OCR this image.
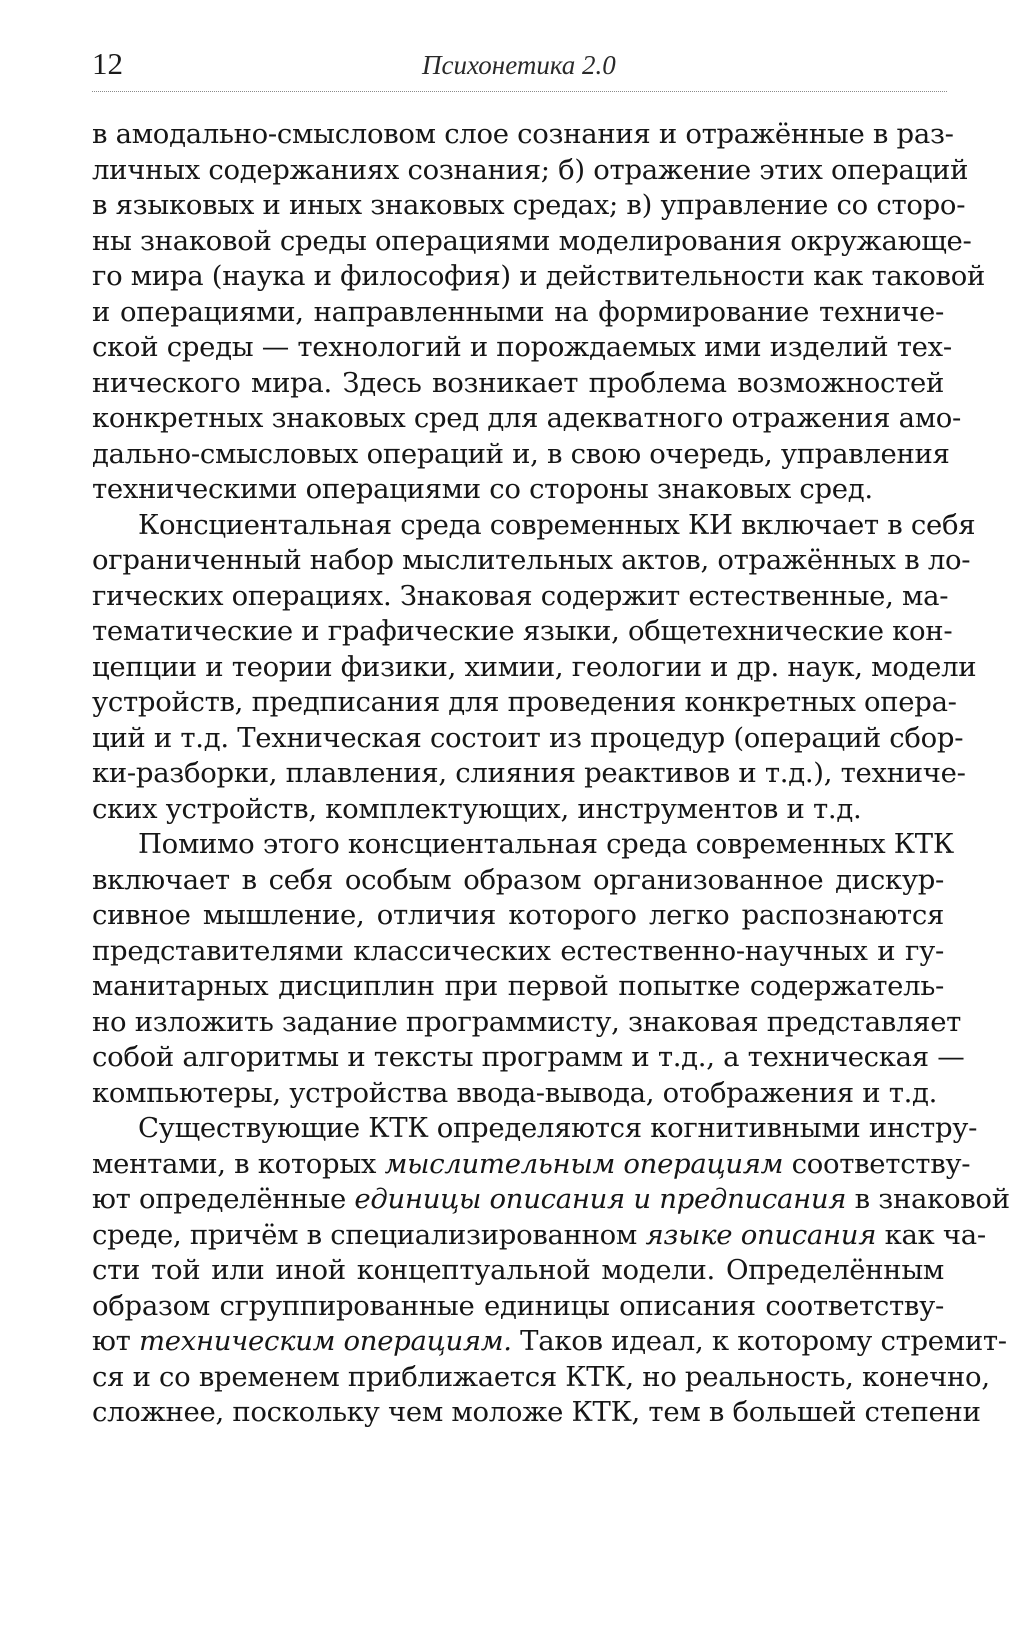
12	Психонетика 2.0
в амодально-смысловом слое сознания и отражённые в раз-
личных содержаниях сознания; б) отражение этих операций
в языковых и иных знаковых средах; в) управление со сторо-
ны знаковой среды операциями моделирования окружающе-
го мира (наука и философия) и действительности как таковой
и операциями, направленными на формирование техниче-
ской среды — технологий и порождаемых ими изделий тех-
нического мира. Здесь возникает проблема возможностей
конкретных знаковых сред для адекватного отражения амо-
дально-смысловых операций и, в свою очередь, управления
техническими операциями со стороны знаковых сред.
Консциентальная среда современных КИ включает в себя
ограниченный набор мыслительных актов, отражённых в ло-
гических операциях. Знаковая содержит естественные, ма-
тематические и графические языки, общетехнические кон-
цепции и теории физики, химии, геологии и др. наук, модели
устройств, предписания для проведения конкретных опера-
ций и т.д. Техническая состоит из процедур (операций сбор-
ки-разборки, плавления, слияния реактивов и т.д.), техниче-
ских устройств, комплектующих, инструментов и т.д.
Помимо этого консциентальная среда современных КТК
включает в себя особым образом организованное дискур-
сивное мышление, отличия которого легко распознаются
представителями классических естественно-научных и гу-
манитарных дисциплин при первой попытке содержатель-
но изложить задание программисту, знаковая представляет
собой алгоритмы и тексты программ и т.д., а техническая —
компьютеры, устройства ввода-вывода, отображения и т.д.
Существующие КТК определяются когнитивными инстру-
ментами, в которых мыслительным операциям соответству-
ют определённые единицы описания и предписания в знаковой
среде, причём в специализированном языке описания как ча-
сти той или иной концептуальной модели. Определённым
образом сгруппированные единицы описания соответству-
ют техническим операциям. Таков идеал, к которому стремит-
ся и со временем приближается КТК, но реальность, конечно,
сложнее, поскольку чем моложе КТК, тем в большей степени
